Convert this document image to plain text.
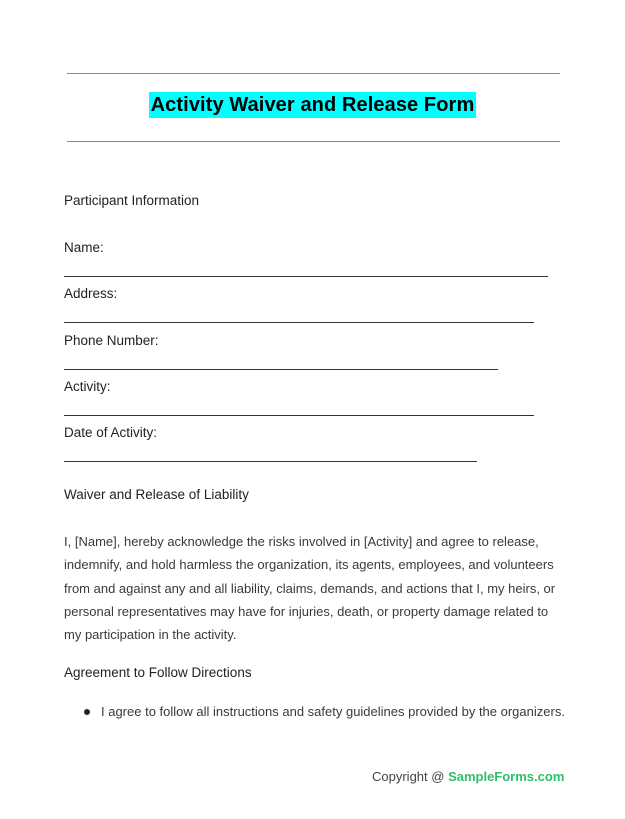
Activity Waiver and Release Form

Participant Information

Name:

Address:

Phone Number:

Activity:

Date of Activity:

Waiver and Release of Liability

I, [Name], hereby acknowledge the risks involved in [Activity] and agree to release, indemnify, and hold harmless the organization, its agents, employees, and volunteers from and against any and all liability, claims, demands, and actions that I, my heirs, or personal representatives may have for injuries, death, or property damage related to my participation in the activity.

Agreement to Follow Directions

I agree to follow all instructions and safety guidelines provided by the organizers.
Copyright @ SampleForms.com
